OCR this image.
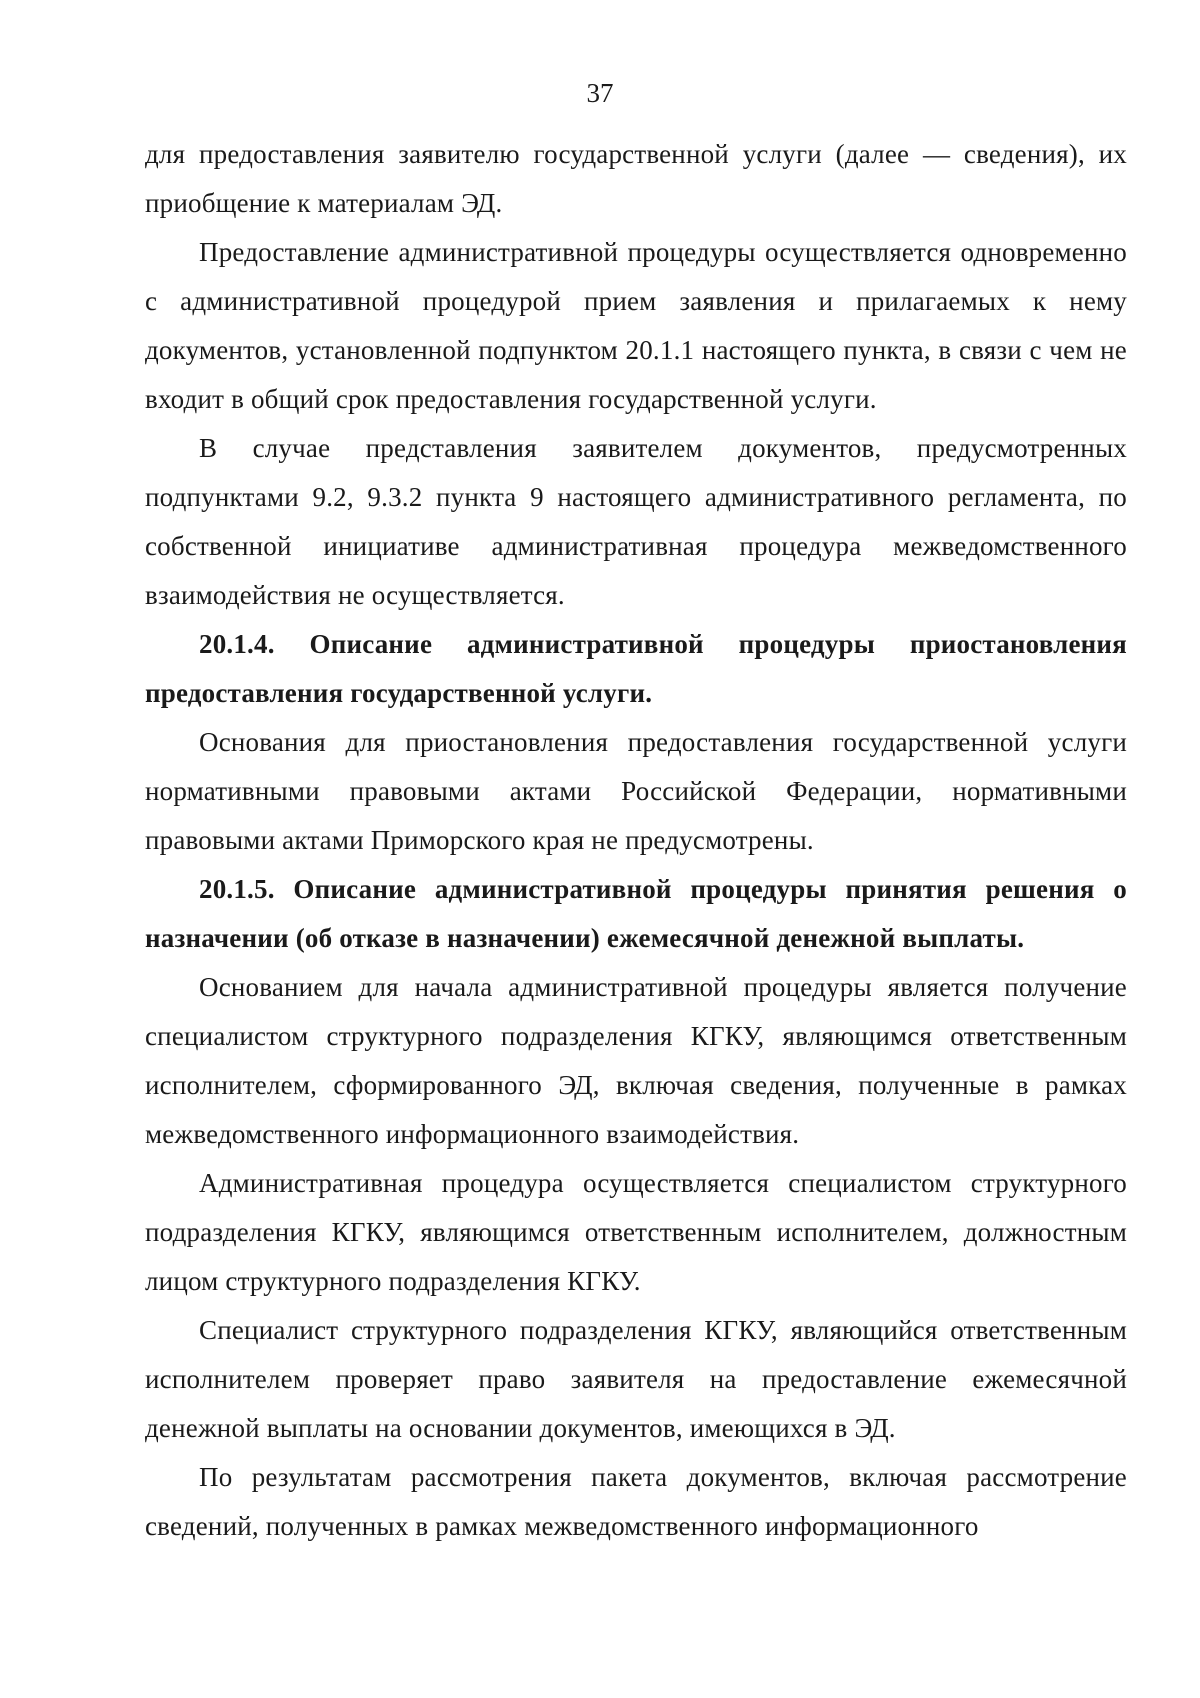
37

для предоставления заявителю государственной услуги (далее — сведения), их приобщение к материалам ЭД.

Предоставление административной процедуры осуществляется одновременно с административной процедурой прием заявления и прилагаемых к нему документов, установленной подпунктом 20.1.1 настоящего пункта, в связи с чем не входит в общий срок предоставления государственной услуги.

В случае представления заявителем документов, предусмотренных подпунктами 9.2, 9.3.2 пункта 9 настоящего административного регламента, по собственной инициативе административная процедура межведомственного взаимодействия не осуществляется.

20.1.4. Описание административной процедуры приостановления предоставления государственной услуги.

Основания для приостановления предоставления государственной услуги нормативными правовыми актами Российской Федерации, нормативными правовыми актами Приморского края не предусмотрены.

20.1.5. Описание административной процедуры принятия решения о назначении (об отказе в назначении) ежемесячной денежной выплаты.

Основанием для начала административной процедуры является получение специалистом структурного подразделения КГКУ, являющимся ответственным исполнителем, сформированного ЭД, включая сведения, полученные в рамках межведомственного информационного взаимодействия.

Административная процедура осуществляется специалистом структурного подразделения КГКУ, являющимся ответственным исполнителем, должностным лицом структурного подразделения КГКУ.

Специалист структурного подразделения КГКУ, являющийся ответственным исполнителем проверяет право заявителя на предоставление ежемесячной денежной выплаты на основании документов, имеющихся в ЭД.

По результатам рассмотрения пакета документов, включая рассмотрение сведений, полученных в рамках межведомственного информационного
